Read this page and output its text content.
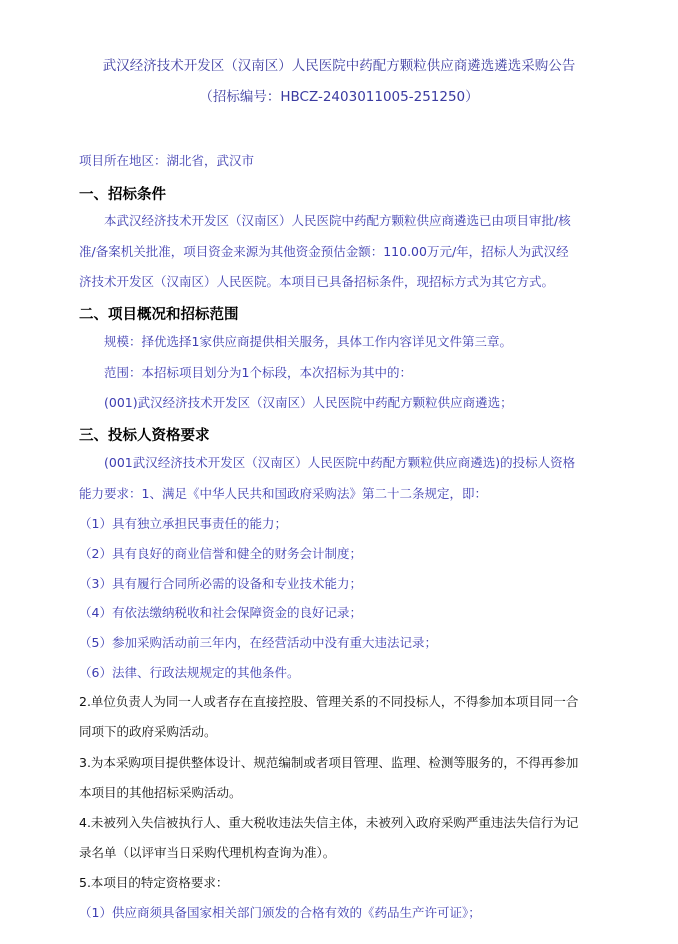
武汉经济技术开发区（汉南区）人民医院中药配方颗粒供应商遴选遴选采购公告
（招标编号：HBCZ-2403011005-251250）
项目所在地区：湖北省，武汉市
一、招标条件
本武汉经济技术开发区（汉南区）人民医院中药配方颗粒供应商遴选已由项目审批/核
准/备案机关批准，项目资金来源为其他资金预估金额：110.00万元/年，招标人为武汉经
济技术开发区（汉南区）人民医院。本项目已具备招标条件，现招标方式为其它方式。
二、项目概况和招标范围
规模：择优选择1家供应商提供相关服务，具体工作内容详见文件第三章。
范围：本招标项目划分为1个标段，本次招标为其中的：
(001)武汉经济技术开发区（汉南区）人民医院中药配方颗粒供应商遴选；
三、投标人资格要求
(001武汉经济技术开发区（汉南区）人民医院中药配方颗粒供应商遴选)的投标人资格
能力要求：1、满足《中华人民共和国政府采购法》第二十二条规定，即：
（1）具有独立承担民事责任的能力；
（2）具有良好的商业信誉和健全的财务会计制度；
（3）具有履行合同所必需的设备和专业技术能力；
（4）有依法缴纳税收和社会保障资金的良好记录；
（5）参加采购活动前三年内，在经营活动中没有重大违法记录；
（6）法律、行政法规规定的其他条件。
2.单位负责人为同一人或者存在直接控股、管理关系的不同投标人，不得参加本项目同一合
同项下的政府采购活动。
3.为本采购项目提供整体设计、规范编制或者项目管理、监理、检测等服务的，不得再参加
本项目的其他招标采购活动。
4.未被列入失信被执行人、重大税收违法失信主体，未被列入政府采购严重违法失信行为记
录名单（以评审当日采购代理机构查询为准）。
5.本项目的特定资格要求：
（1）供应商须具备国家相关部门颁发的合格有效的《药品生产许可证》；
